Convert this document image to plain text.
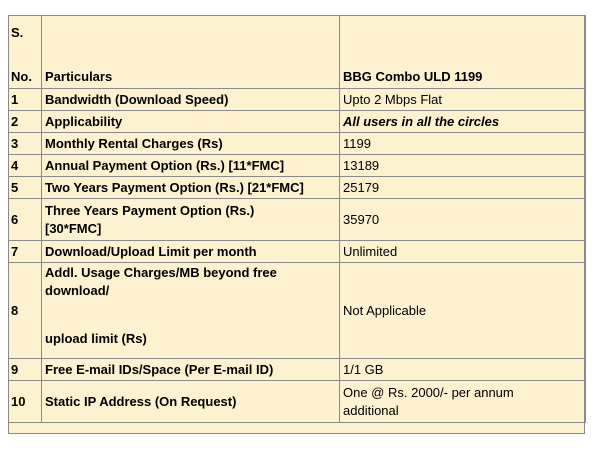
S.
No.	Particulars	BBG Combo ULD 1199
1	Bandwidth (Download Speed)	Upto 2 Mbps Flat
2	Applicability	All users in all the circles
3	Monthly Rental Charges (Rs)	1199
4	Annual Payment Option (Rs.) [11*FMC]	13189
5	Two Years Payment Option (Rs.) [21*FMC]	25179
6	Three Years Payment Option (Rs.)
[30*FMC]	35970
7	Download/Upload Limit per month	Unlimited
8	Addl. Usage Charges/MB beyond free
download/
upload limit (Rs)	Not Applicable
9	Free E-mail IDs/Space (Per E-mail ID)	1/1 GB
10	Static IP Address (On Request)	One @ Rs. 2000/- per annum
additional
